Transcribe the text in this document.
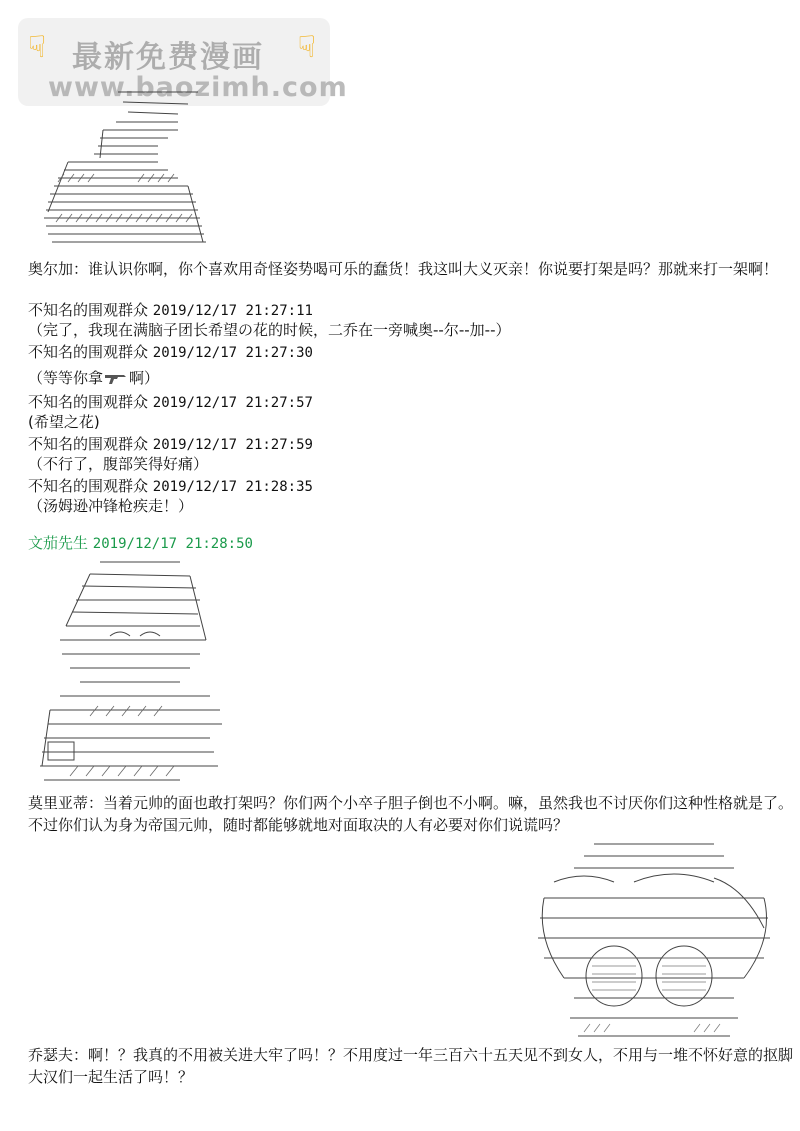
☟ 最新免费漫画 ☟
www.baozimh.com
奥尔加：谁认识你啊，你个喜欢用奇怪姿势喝可乐的蠢货！我这叫大义灭亲！你说要打架是吗？那就来打一架啊！
不知名的围观群众 2019/12/17 21:27:11
（完了，我现在满脑子团长希望の花的时候，二乔在一旁喊奥--尔--加--）
不知名的围观群众 2019/12/17 21:27:30
（等等你拿 啊）
不知名的围观群众 2019/12/17 21:27:57
(希望之花)
不知名的围观群众 2019/12/17 21:27:59
（不行了，腹部笑得好痛）
不知名的围观群众 2019/12/17 21:28:35
（汤姆逊冲锋枪疾走！）
文茄先生 2019/12/17 21:28:50
莫里亚蒂：当着元帅的面也敢打架吗？你们两个小卒子胆子倒也不小啊。嘛，虽然我也不讨厌你们这种性格就是了。不过你们认为身为帝国元帅，随时都能够就地对面取决的人有必要对你们说谎吗？
乔瑟夫：啊！？我真的不用被关进大牢了吗！？不用度过一年三百六十五天见不到女人，不用与一堆不怀好意的抠脚大汉们一起生活了吗！？
